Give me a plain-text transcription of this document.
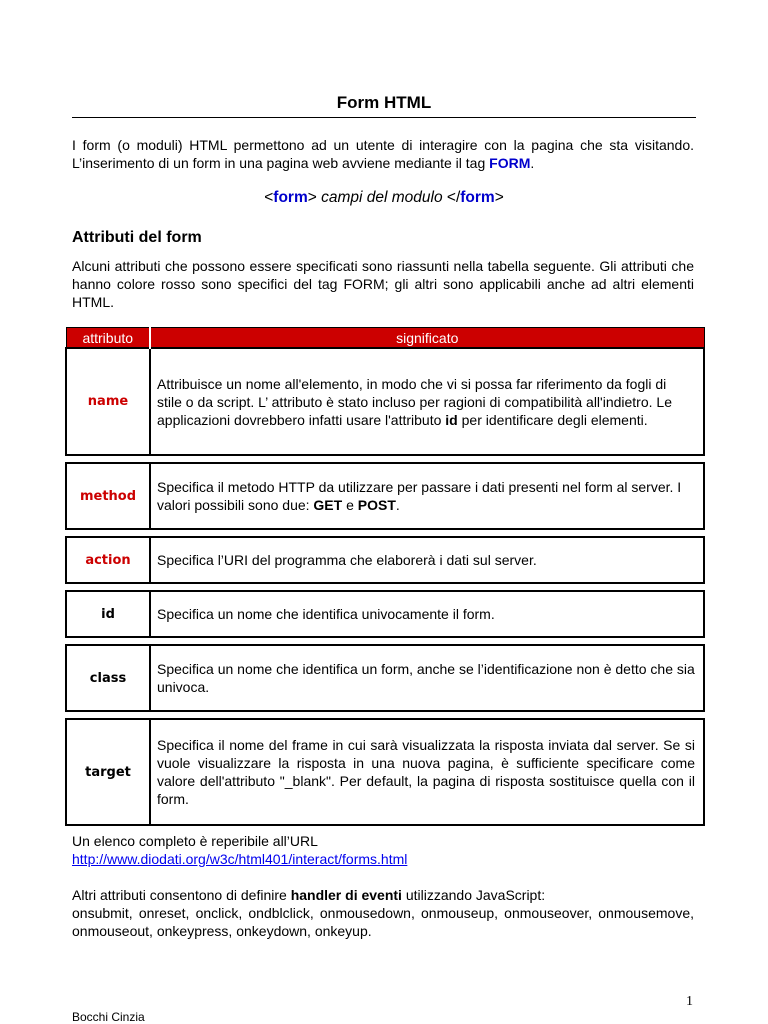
Form HTML
I form (o moduli) HTML permettono ad un utente di interagire con la pagina che sta visitando. L’inserimento di un form in una pagina web avviene mediante il tag FORM.
<form> campi del modulo </form>
Attributi del form
Alcuni attributi che possono essere specificati sono riassunti nella tabella seguente. Gli attributi che hanno colore rosso sono specifici del tag FORM; gli altri sono applicabili anche ad altri elementi HTML.
attributo	significato
name	Attribuisce un nome all'elemento, in modo che vi si possa far riferimento da fogli di stile o da script. L’ attributo è stato incluso per ragioni di compatibilità all'indietro. Le applicazioni dovrebbero infatti usare l'attributo id per identificare degli elementi.

method	Specifica il metodo HTTP da utilizzare per passare i dati presenti nel form al server. I valori possibili sono due: GET e POST.

action	Specifica l’URI del programma che elaborerà i dati sul server.

id	Specifica un nome che identifica univocamente il form.

class	Specifica un nome che identifica un form, anche se l’identificazione non è detto che sia univoca.

target	Specifica il nome del frame in cui sarà visualizzata la risposta inviata dal server. Se si vuole visualizzare la risposta in una nuova pagina, è sufficiente specificare come valore dell'attributo "_blank". Per default, la pagina di risposta sostituisce quella con il form.
Un elenco completo è reperibile all’URL
http://www.diodati.org/w3c/html401/interact/forms.html
Altri attributi consentono di definire handler di eventi utilizzando JavaScript:
onsubmit, onreset, onclick, ondblclick, onmousedown, onmouseup, onmouseover, onmousemove, onmouseout, onkeypress, onkeydown, onkeyup.
1
Bocchi Cinzia
